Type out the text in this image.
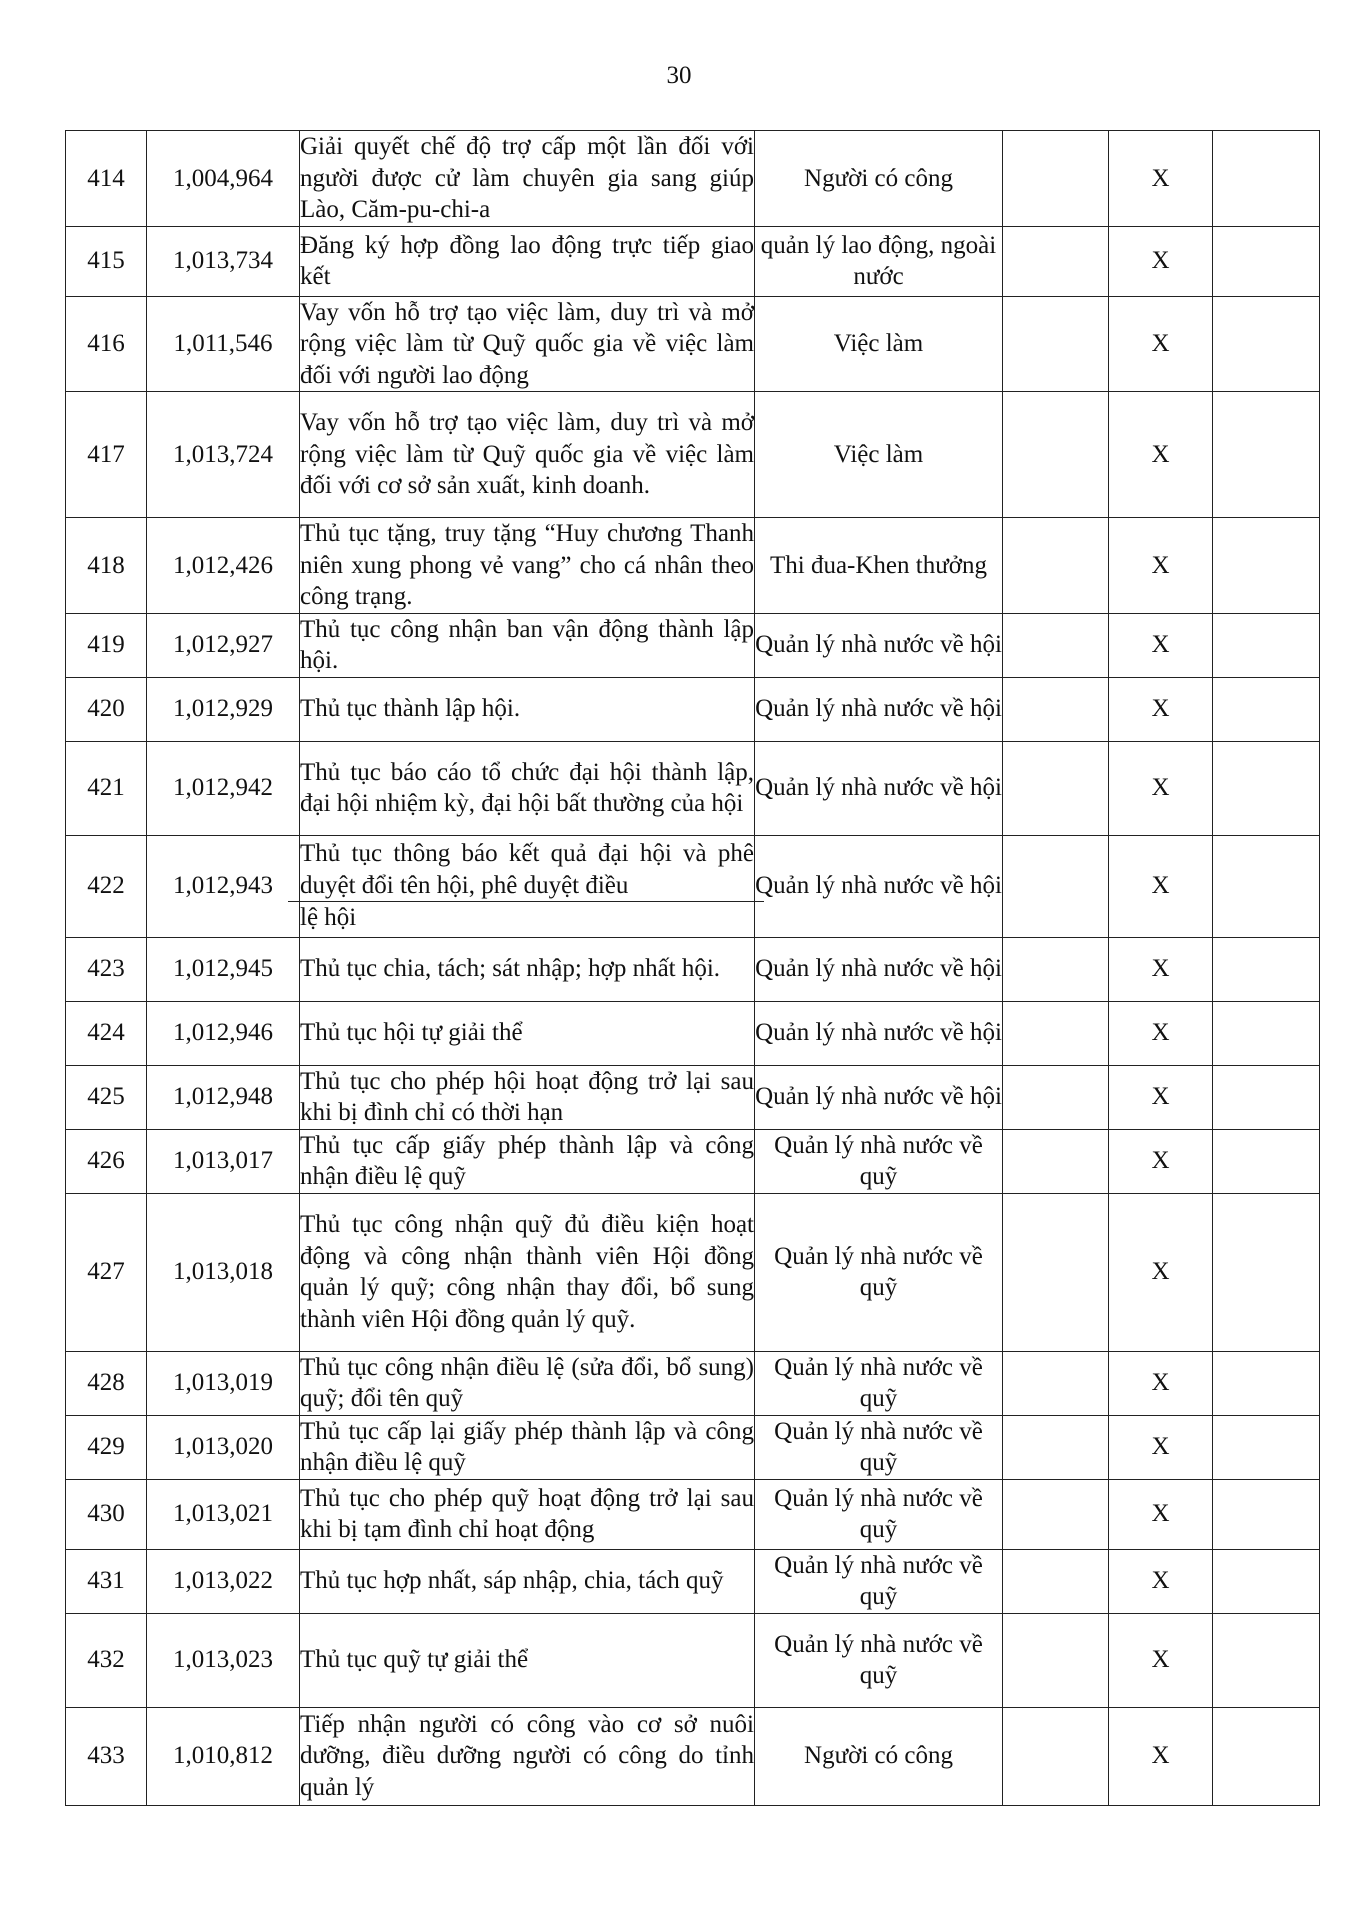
30
414	1,004,964	Giải quyết chế độ trợ cấp một lần đối với người được cử làm chuyên gia sang giúp Lào, Căm-pu-chi-a	Người có công		X	
415	1,013,734	Đăng ký hợp đồng lao động trực tiếp giao kết	quản lý lao động, ngoài nước		X	
416	1,011,546	Vay vốn hỗ trợ tạo việc làm, duy trì và mở rộng việc làm từ Quỹ quốc gia về việc làm đối với người lao động	Việc làm		X	
417	1,013,724	Vay vốn hỗ trợ tạo việc làm, duy trì và mở rộng việc làm từ Quỹ quốc gia về việc làm đối với cơ sở sản xuất, kinh doanh.	Việc làm		X	
418	1,012,426	Thủ tục tặng, truy tặng “Huy chương Thanh niên xung phong vẻ vang” cho cá nhân theo công trạng.	Thi đua-Khen thưởng		X	
419	1,012,927	Thủ tục công nhận ban vận động thành lập hội.	Quản lý nhà nước về hội		X	
420	1,012,929	Thủ tục thành lập hội.	Quản lý nhà nước về hội		X	
421	1,012,942	Thủ tục báo cáo tổ chức đại hội thành lập, đại hội nhiệm kỳ, đại hội bất thường của hội	Quản lý nhà nước về hội		X	
422	1,012,943	Thủ tục thông báo kết quả đại hội và phê duyệt đổi tên hội, phê duyệt điều
lệ hội	Quản lý nhà nước về hội		X	
423	1,012,945	Thủ tục chia, tách; sát nhập; hợp nhất hội.	Quản lý nhà nước về hội		X	
424	1,012,946	Thủ tục hội tự giải thể	Quản lý nhà nước về hội		X	
425	1,012,948	Thủ tục cho phép hội hoạt động trở lại sau khi bị đình chỉ có thời hạn	Quản lý nhà nước về hội		X	
426	1,013,017	Thủ tục cấp giấy phép thành lập và công nhận điều lệ quỹ	Quản lý nhà nước về quỹ		X	
427	1,013,018	Thủ tục công nhận quỹ đủ điều kiện hoạt động và công nhận thành viên Hội đồng quản lý quỹ; công nhận thay đổi, bổ sung thành viên Hội đồng quản lý quỹ.	Quản lý nhà nước về quỹ		X	
428	1,013,019	Thủ tục công nhận điều lệ (sửa đổi, bổ sung) quỹ; đổi tên quỹ	Quản lý nhà nước về quỹ		X	
429	1,013,020	Thủ tục cấp lại giấy phép thành lập và công nhận điều lệ quỹ	Quản lý nhà nước về quỹ		X	
430	1,013,021	Thủ tục cho phép quỹ hoạt động trở lại sau khi bị tạm đình chỉ hoạt động	Quản lý nhà nước về quỹ		X	
431	1,013,022	Thủ tục hợp nhất, sáp nhập, chia, tách quỹ	Quản lý nhà nước về quỹ		X	
432	1,013,023	Thủ tục quỹ tự giải thể	Quản lý nhà nước về quỹ		X	
433	1,010,812	Tiếp nhận người có công vào cơ sở nuôi dưỡng, điều dưỡng người có công do tỉnh quản lý	Người có công		X	
